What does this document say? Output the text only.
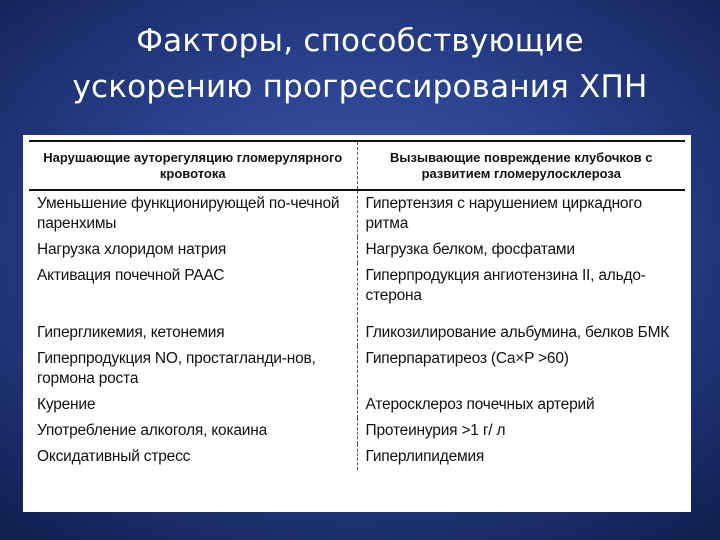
Факторы, способствующие
ускорению прогрессирования ХПН
Нарушающие ауторегуляцию гломерулярного кровотока	Вызывающие повреждение клубочков с развитием гломерулосклероза
Уменьшение функционирующей по-чечной паренхимы	Гипертензия с нарушением циркадного ритма
Нагрузка хлоридом натрия	Нагрузка белком, фосфатами
Активация почечной РААС	Гиперпродукция ангиотензина II, альдо-стерона
Гипергликемия, кетонемия	Гликозилирование альбумина, белков БМК
Гиперпродукция NO, простагланди-нов, гормона роста	Гиперпаратиреоз (Ca×P >60)
Курение	Атеросклероз почечных артерий
Употребление алкоголя, кокаина	Протеинурия >1 г/ л
Оксидативный стресс	Гиперлипидемия
